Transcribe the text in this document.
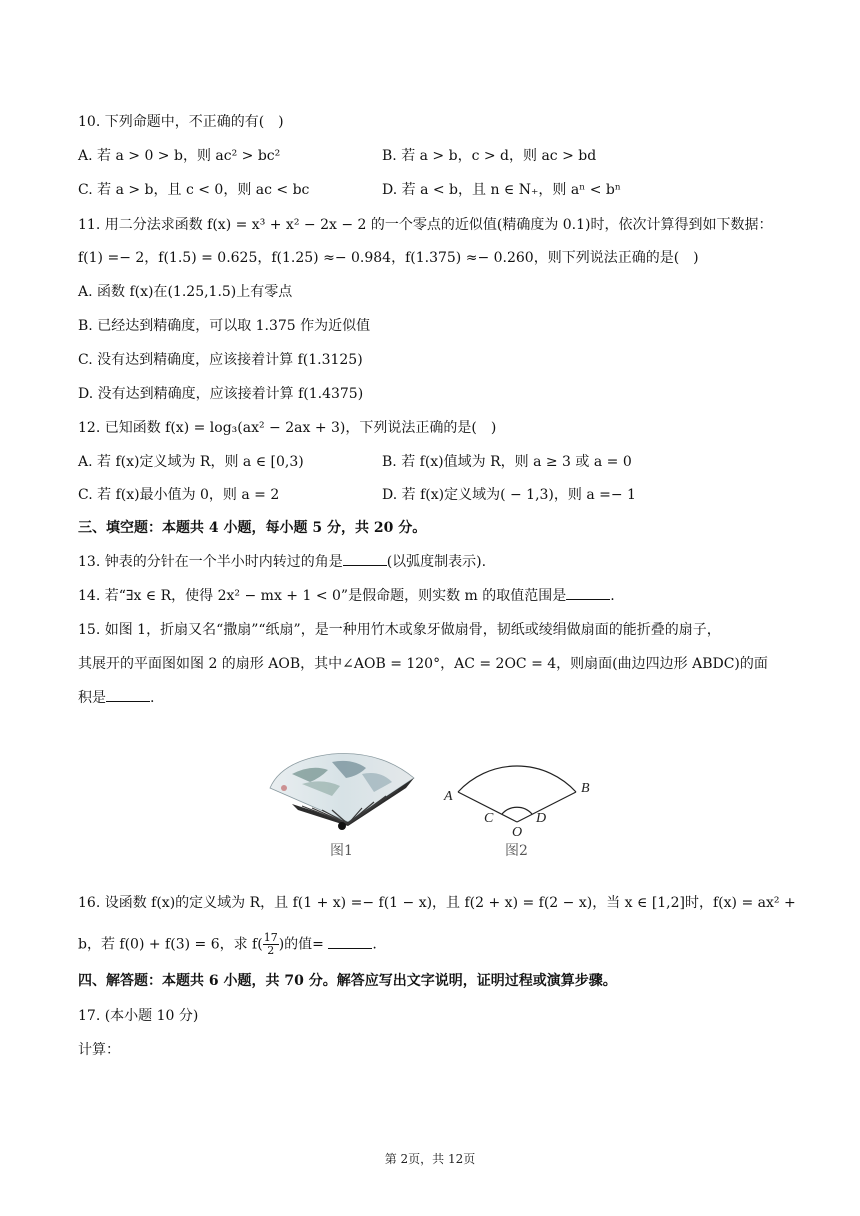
10. 下列命题中，不正确的有(　)
A. 若 a > 0 > b，则 ac² > bc²	B. 若 a > b，c > d，则 ac > bd
C. 若 a > b，且 c < 0，则 ac < bc	D. 若 a < b，且 n ∈ N₊，则 aⁿ < bⁿ
11. 用二分法求函数 f(x) = x³ + x² − 2x − 2 的一个零点的近似值(精确度为 0.1)时，依次计算得到如下数据：
f(1) =− 2，f(1.5) = 0.625，f(1.25) ≈− 0.984，f(1.375) ≈− 0.260，则下列说法正确的是(　)
A. 函数 f(x)在(1.25,1.5)上有零点
B. 已经达到精确度，可以取 1.375 作为近似值
C. 没有达到精确度，应该接着计算 f(1.3125)
D. 没有达到精确度，应该接着计算 f(1.4375)
12. 已知函数 f(x) = log₃(ax² − 2ax + 3)，下列说法正确的是(　)
A. 若 f(x)定义域为 R，则 a ∈ [0,3)	B. 若 f(x)值域为 R，则 a ≥ 3 或 a = 0
C. 若 f(x)最小值为 0，则 a = 2	D. 若 f(x)定义域为( − 1,3)，则 a =− 1
三、填空题：本题共 4 小题，每小题 5 分，共 20 分。
13. 钟表的分针在一个半小时内转过的角是	(以弧度制表示).
14. 若“∃x ∈ R，使得 2x² − mx + 1 < 0”是假命题，则实数 m 的取值范围是	.
15. 如图 1，折扇又名“撒扇”“纸扇”，是一种用竹木或象牙做扇骨，韧纸或绫绢做扇面的能折叠的扇子，
其展开的平面图如图 2 的扇形 AOB，其中∠AOB = 120°，AC = 2OC = 4，则扇面(曲边四边形 ABDC)的面
积是	.
图1
A
B
C	D
O
图2
16. 设函数 f(x)的定义域为 R，且 f(1 + x) =− f(1 − x)，且 f(2 + x) = f(2 − x)，当 x ∈ [1,2]时，f(x) = ax² +
b，若 f(0) + f(3) = 6，求 $f( \frac{17}{2}$ )的值=	.
四、解答题：本题共 6 小题，共 70 分。解答应写出文字说明，证明过程或演算步骤。
17. (本小题 10 分)
计算：
第 2页，共 12页
